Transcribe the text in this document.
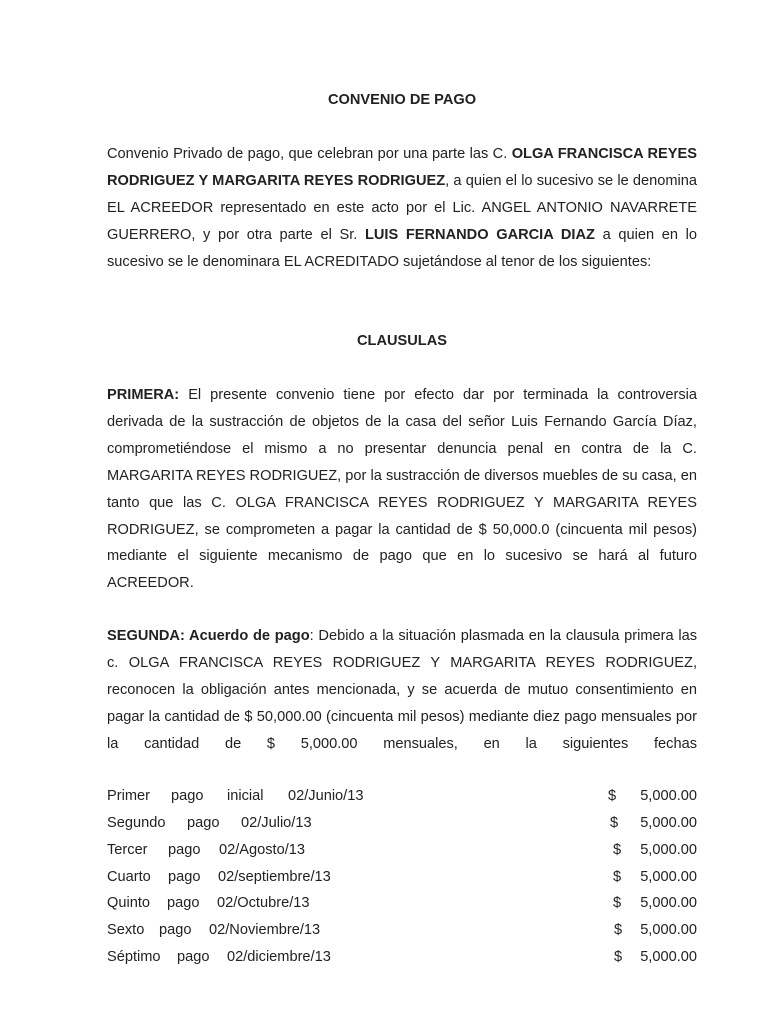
CONVENIO DE PAGO

Convenio Privado de pago, que celebran por una parte las C. OLGA FRANCISCA REYES RODRIGUEZ Y MARGARITA REYES RODRIGUEZ, a quien el lo sucesivo se le denomina EL ACREEDOR representado en este acto por el Lic. ANGEL ANTONIO NAVARRETE GUERRERO, y por otra parte el Sr. LUIS FERNANDO GARCIA DIAZ a quien en lo sucesivo se le denominara EL ACREDITADO sujetándose al tenor de los siguientes:

CLAUSULAS

PRIMERA: El presente convenio tiene por efecto dar por terminada la controversia derivada de la sustracción de objetos de la casa del señor Luis Fernando García Díaz, comprometiéndose el mismo a no presentar denuncia penal en contra de la C. MARGARITA REYES RODRIGUEZ, por la sustracción de diversos muebles de su casa, en tanto que las C. OLGA FRANCISCA REYES RODRIGUEZ Y MARGARITA REYES RODRIGUEZ, se comprometen a pagar la cantidad de $ 50,000.0 (cincuenta mil pesos) mediante el siguiente mecanismo de pago que en lo sucesivo se hará al futuro ACREEDOR.

SEGUNDA: Acuerdo de pago: Debido a la situación plasmada en la clausula primera las c. OLGA FRANCISCA REYES RODRIGUEZ Y MARGARITA REYES RODRIGUEZ, reconocen la obligación antes mencionada, y se acuerda de mutuo consentimiento en pagar la cantidad de $ 50,000.00 (cincuenta mil pesos) mediante diez pago mensuales por la cantidad de $ 5,000.00 mensuales, en la siguientes fechas

Primer pago inicial 02/Junio/13	$ 5,000.00
Segundo pago 02/Julio/13	$ 5,000.00
Tercer pago 02/Agosto/13	$ 5,000.00
Cuarto pago 02/septiembre/13	$ 5,000.00
Quinto pago 02/Octubre/13	$ 5,000.00
Sexto pago 02/Noviembre/13	$ 5,000.00
Séptimo pago 02/diciembre/13	$ 5,000.00
